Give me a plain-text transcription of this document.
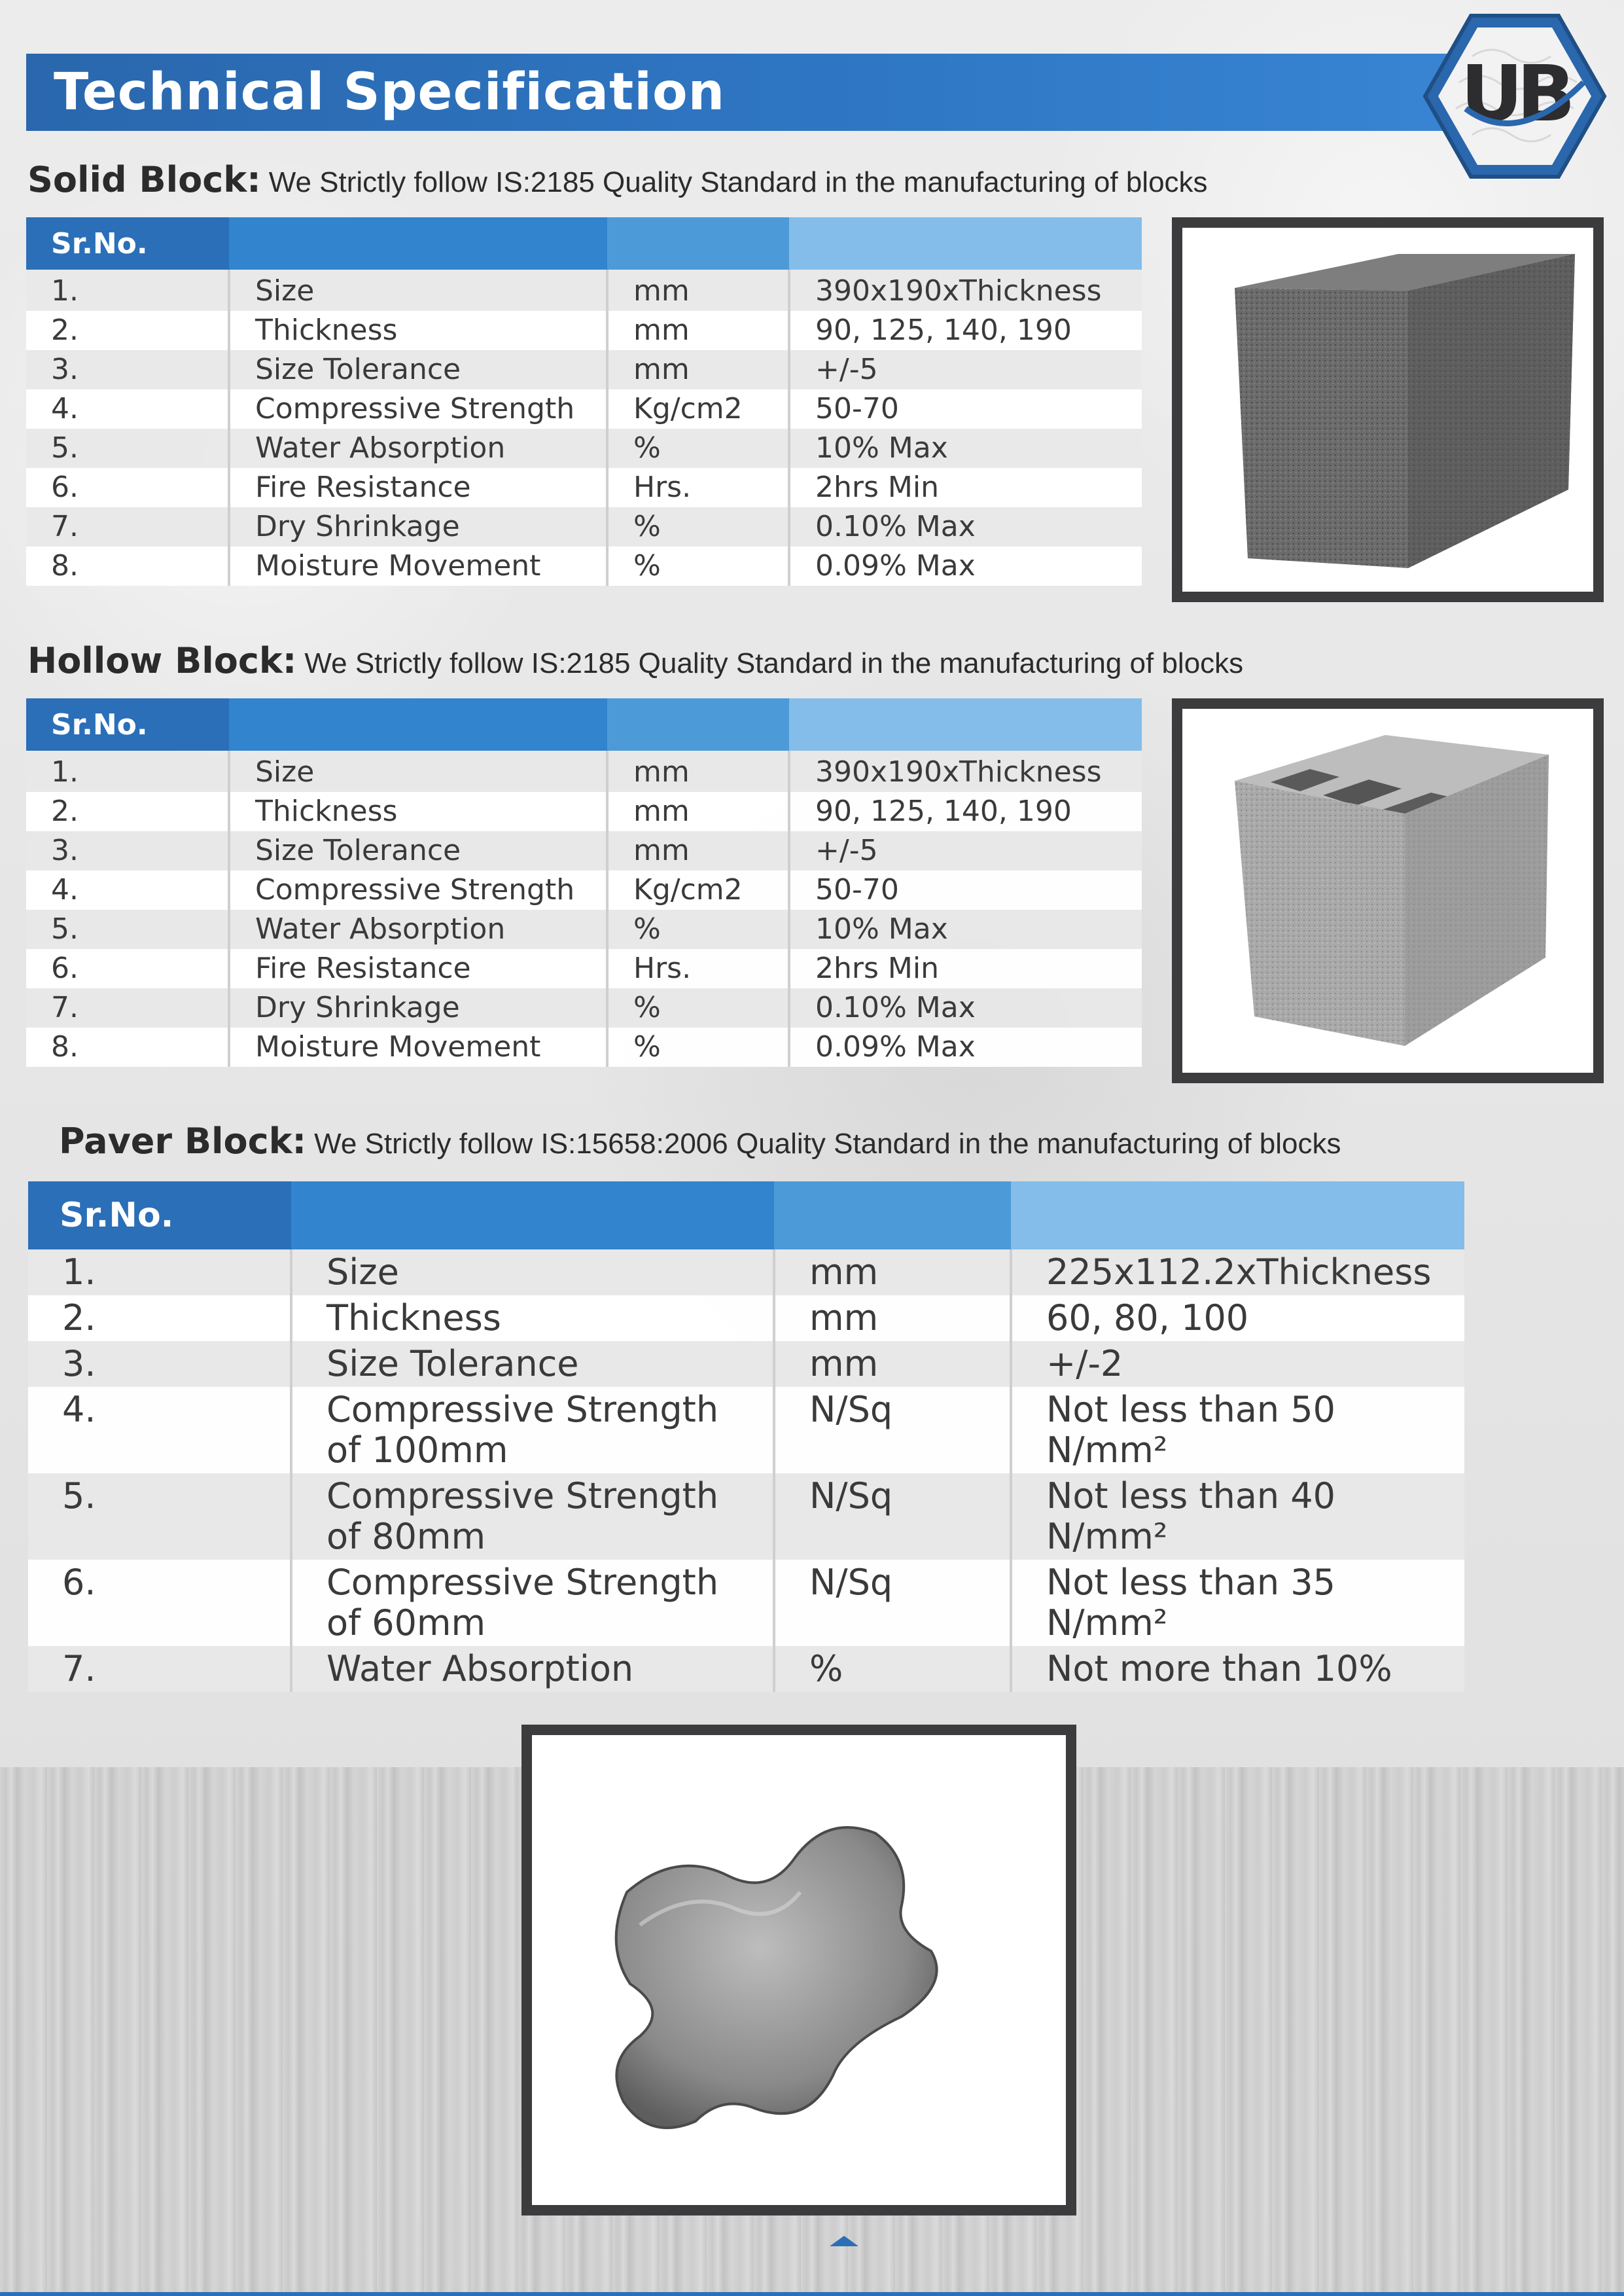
Technical Specification	UB
Solid Block: We Strictly follow IS:2185 Quality Standard in the manufacturing of blocks
Sr.No.			
1.	Size	mm	390x190xThickness
2.	Thickness	mm	90, 125, 140, 190
3.	Size Tolerance	mm	+/-5
4.	Compressive Strength	Kg/cm2	50-70
5.	Water Absorption	%	10% Max
6.	Fire Resistance	Hrs.	2hrs Min
7.	Dry Shrinkage	%	0.10% Max
8.	Moisture Movement	%	0.09% Max
Hollow Block: We Strictly follow IS:2185 Quality Standard in the manufacturing of blocks
Sr.No.			
1.	Size	mm	390x190xThickness
2.	Thickness	mm	90, 125, 140, 190
3.	Size Tolerance	mm	+/-5
4.	Compressive Strength	Kg/cm2	50-70
5.	Water Absorption	%	10% Max
6.	Fire Resistance	Hrs.	2hrs Min
7.	Dry Shrinkage	%	0.10% Max
8.	Moisture Movement	%	0.09% Max
Paver Block: We Strictly follow IS:15658:2006 Quality Standard in the manufacturing of blocks
Sr.No.			
1.	Size	mm	225x112.2xThickness
2.	Thickness	mm	60, 80, 100
3.	Size Tolerance	mm	+/-2
4.	Compressive Strength
of 100mm	N/Sq	Not less than 50
N/mm²
5.	Compressive Strength
of 80mm	N/Sq	Not less than 40
N/mm²
6.	Compressive Strength
of 60mm	N/Sq	Not less than 35
N/mm²
7.	Water Absorption	%	Not more than 10%
